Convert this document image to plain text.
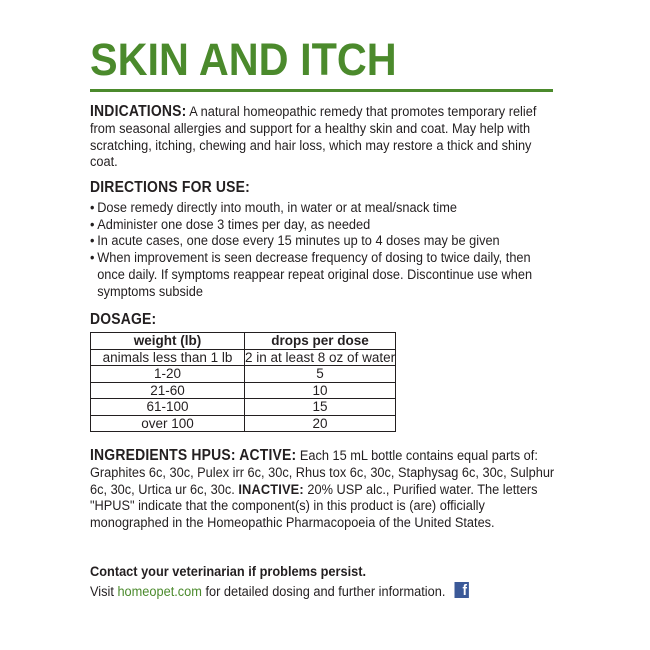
SKIN AND ITCH
INDICATIONS: A natural homeopathic remedy that promotes temporary relief from seasonal allergies and support for a healthy skin and coat. May help with scratching, itching, chewing and hair loss, which may restore a thick and shiny coat.
DIRECTIONS FOR USE:
• Dose remedy directly into mouth, in water or at meal/snack time
• Administer one dose 3 times per day, as needed
• In acute cases, one dose every 15 minutes up to 4 doses may be given
• When improvement is seen decrease frequency of dosing to twice daily, then once daily. If symptoms reappear repeat original dose. Discontinue use when symptoms subside
DOSAGE:
weight (lb)	drops per dose
animals less than 1 lb	2 in at least 8 oz of water
1-20	5
21-60	10
61-100	15
over 100	20
INGREDIENTS HPUS: ACTIVE: Each 15 mL bottle contains equal parts of: Graphites 6c, 30c, Pulex irr 6c, 30c, Rhus tox 6c, 30c, Staphysag 6c, 30c, Sulphur 6c, 30c, Urtica ur 6c, 30c. INACTIVE: 20% USP alc., Purified water. The letters "HPUS" indicate that the component(s) in this product is (are) officially monographed in the Homeopathic Pharmacopoeia of the United States.
Contact your veterinarian if problems persist.
Visit homeopet.com for detailed dosing and further information. f
